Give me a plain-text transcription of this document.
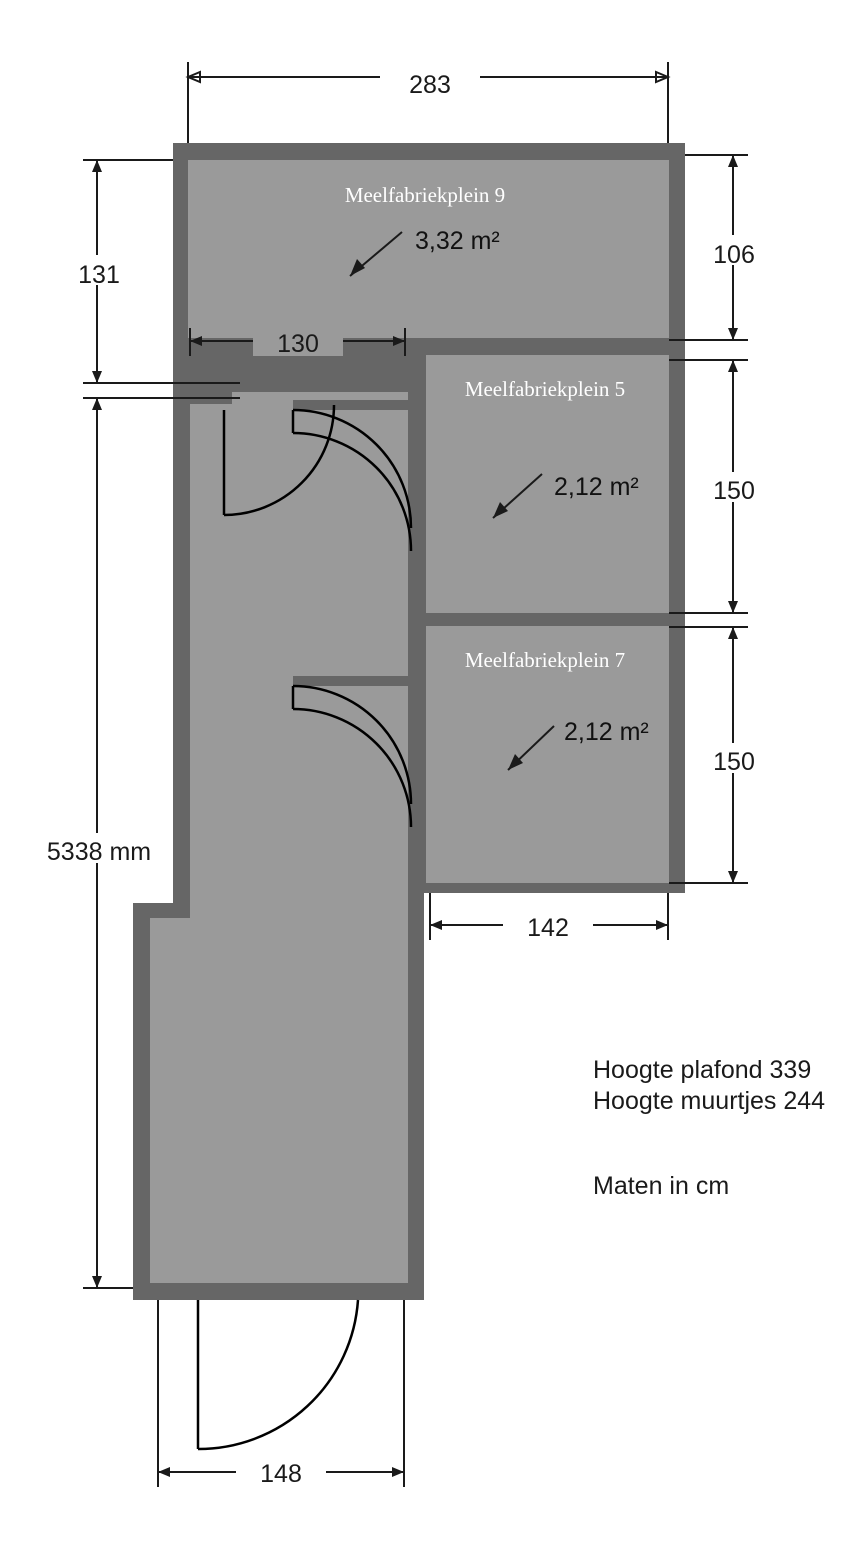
283
131
5338 mm
106
150
150
130
142
148
Meelfabriekplein 9
3,32 m²
Meelfabriekplein 5
2,12 m²
Meelfabriekplein 7
2,12 m²
Hoogte plafond 339
Hoogte muurtjes 244
Maten in cm
